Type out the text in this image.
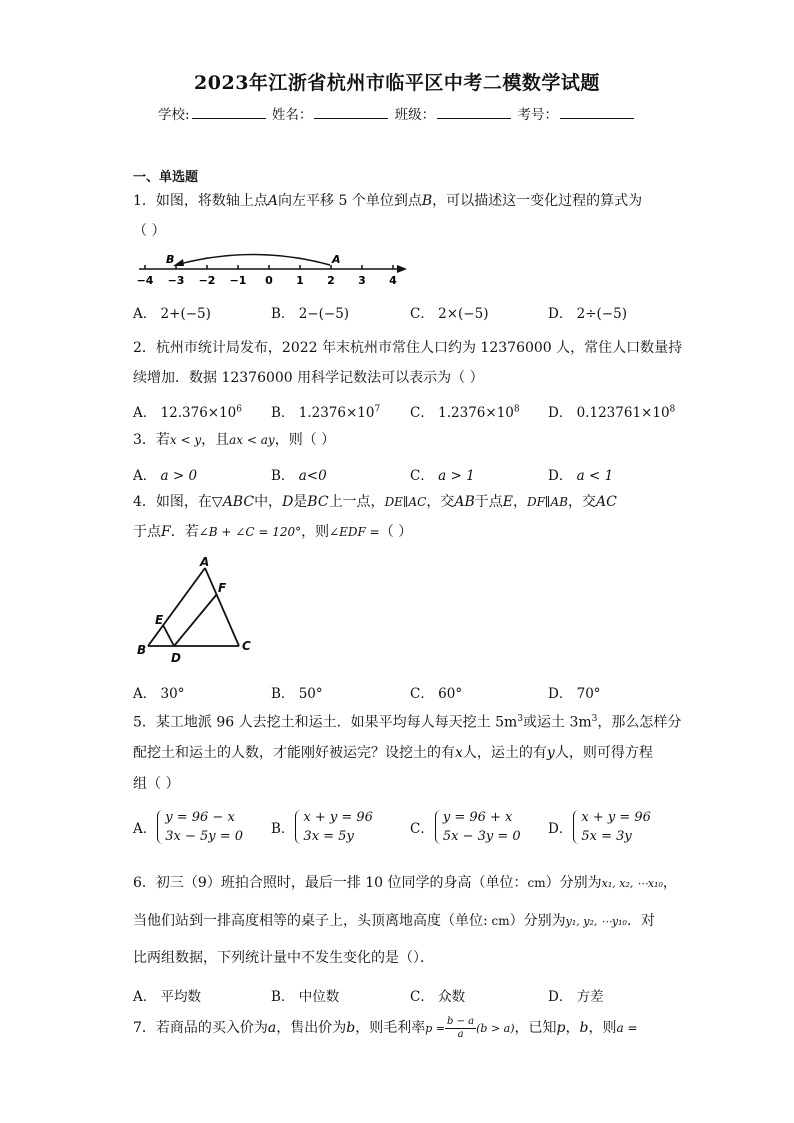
2023年江浙省杭州市临平区中考二模数学试题
学校:	姓名：	班级：	考号：
一、单选题
1．如图，将数轴上点A向左平移 5 个单位到点B，可以描述这一变化过程的算式为
（ ）
−4 −3 −2 −1 0 1 2 3 4
B	A
A． 2+(−5)	B． 2−(−5)	C． 2×(−5)	D． 2÷(−5)
2．杭州市统计局发布，2022 年末杭州市常住人口约为 12376000 人，常住人口数量持
续增加．数据 12376000 用科学记数法可以表示为（ ）
A． $12.376\times 10^6$ B． $1.2376\times 10^7$ C． $1.2376\times 10^8$ D． $0.123761\times 10^8$
3．若x < y，且ax < ay，则（ ）
A． a > 0	B． a<0	C． a > 1	D． a < 1
4．如图，在▽ABC中，D是BC上一点，DE∥AC，交AB于点E，DF∥AB，交AC
于点F．若∠B + ∠C = 120°，则∠EDF =（ ）
A
B	C
D
E
F
A． 30°	B． 50°	C． 60°	D． 70°
5．某工地派 96 人去挖土和运土．如果平均每人每天挖土 $5m^3$或运土 $3m^3$，那么怎样分
配挖土和运土的人数，才能刚好被运完？设挖土的有x人，运土的有y人，则可得方程
组（ ）
A．
y = 96 − x
3x − 5y = 0 B．
x + y = 96
3x = 5y	C．
y = 96 + x
5x − 3y = 0 D．
x + y = 96
5x = 3y
6．初三（9）班拍合照时，最后一排 10 位同学的身高（单位：cm）分别为x₁, x₂, ⋯x₁₀，
当他们站到一排高度相等的桌子上，头顶离地高度（单位: cm）分别为y₁, y₂, ⋯y₁₀．对
比两组数据，下列统计量中不发生变化的是（）．
A． 平均数	B． 中位数	C． 众数	D． 方差
7．若商品的买入价为a，售出价为b，则毛利率$p = \frac{b - a}{a} (b > a)$，已知p，b，则a =
